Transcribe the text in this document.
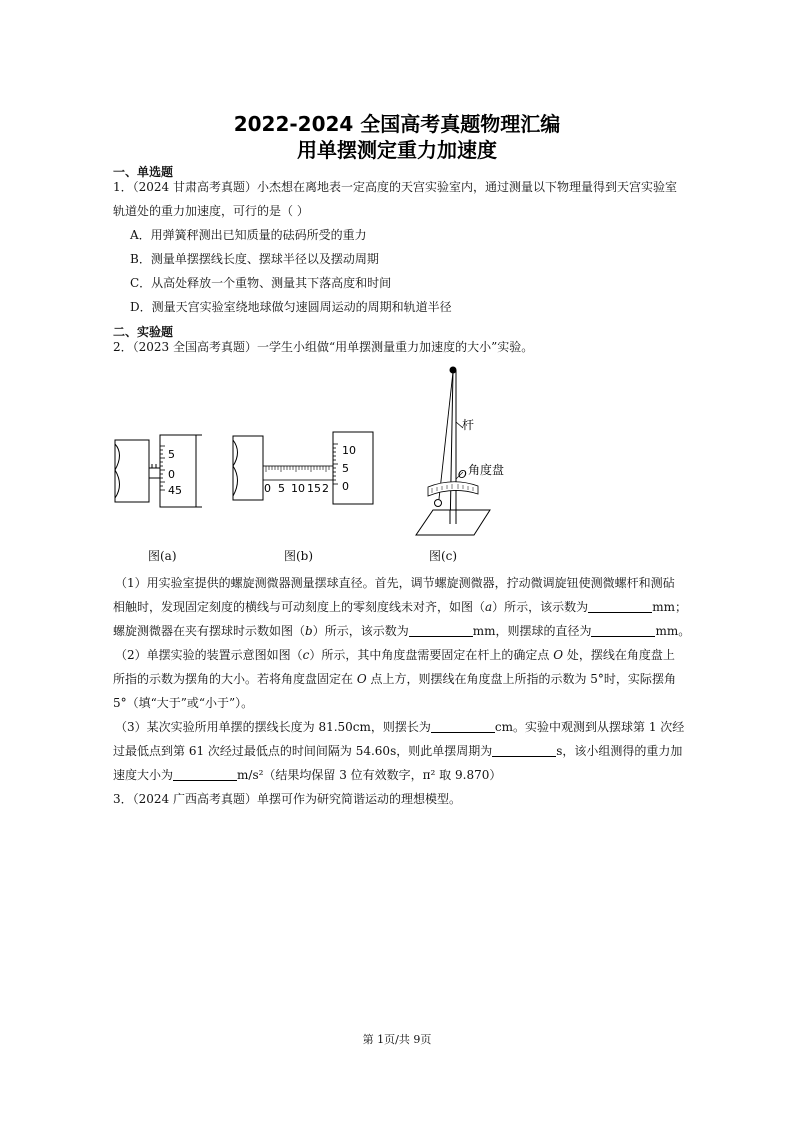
2022-2024 全国高考真题物理汇编
用单摆测定重力加速度
一、单选题
1．（2024 甘肃高考真题）小杰想在离地表一定高度的天宫实验室内，通过测量以下物理量得到天宫实验室
轨道处的重力加速度，可行的是（ ）
A．用弹簧秤测出已知质量的砝码所受的重力
B．测量单摆摆线长度、摆球半径以及摆动周期
C．从高处释放一个重物、测量其下落高度和时间
D．测量天宫实验室绕地球做匀速圆周运动的周期和轨道半径
二、实验题
2．（2023 全国高考真题）一学生小组做“用单摆测量重力加速度的大小”实验。
5
0
45
图(a)
0 5 10 15 2
10
5
0
图(b)
杆
O 角度盘
图(c)
（1）用实验室提供的螺旋测微器测量摆球直径。首先，调节螺旋测微器，拧动微调旋钮使测微螺杆和测砧
相触时，发现固定刻度的横线与可动刻度上的零刻度线未对齐，如图（a）所示，该示数为	mm；
螺旋测微器在夹有摆球时示数如图（b）所示，该示数为	mm，则摆球的直径为	mm。
（2）单摆实验的装置示意图如图（c）所示，其中角度盘需要固定在杆上的确定点 O 处，摆线在角度盘上
所指的示数为摆角的大小。若将角度盘固定在 O 点上方，则摆线在角度盘上所指的示数为 5°时，实际摆角
5°（填“大于”或“小于”）。
（3）某次实验所用单摆的摆线长度为 81.50cm，则摆长为	cm。实验中观测到从摆球第 1 次经
过最低点到第 61 次经过最低点的时间间隔为 54.60s，则此单摆周期为	s，该小组测得的重力加
速度大小为	m/s²（结果均保留 3 位有效数字，π² 取 9.870）
3．（2024 广西高考真题）单摆可作为研究简谐运动的理想模型。
第 1页/共 9页
